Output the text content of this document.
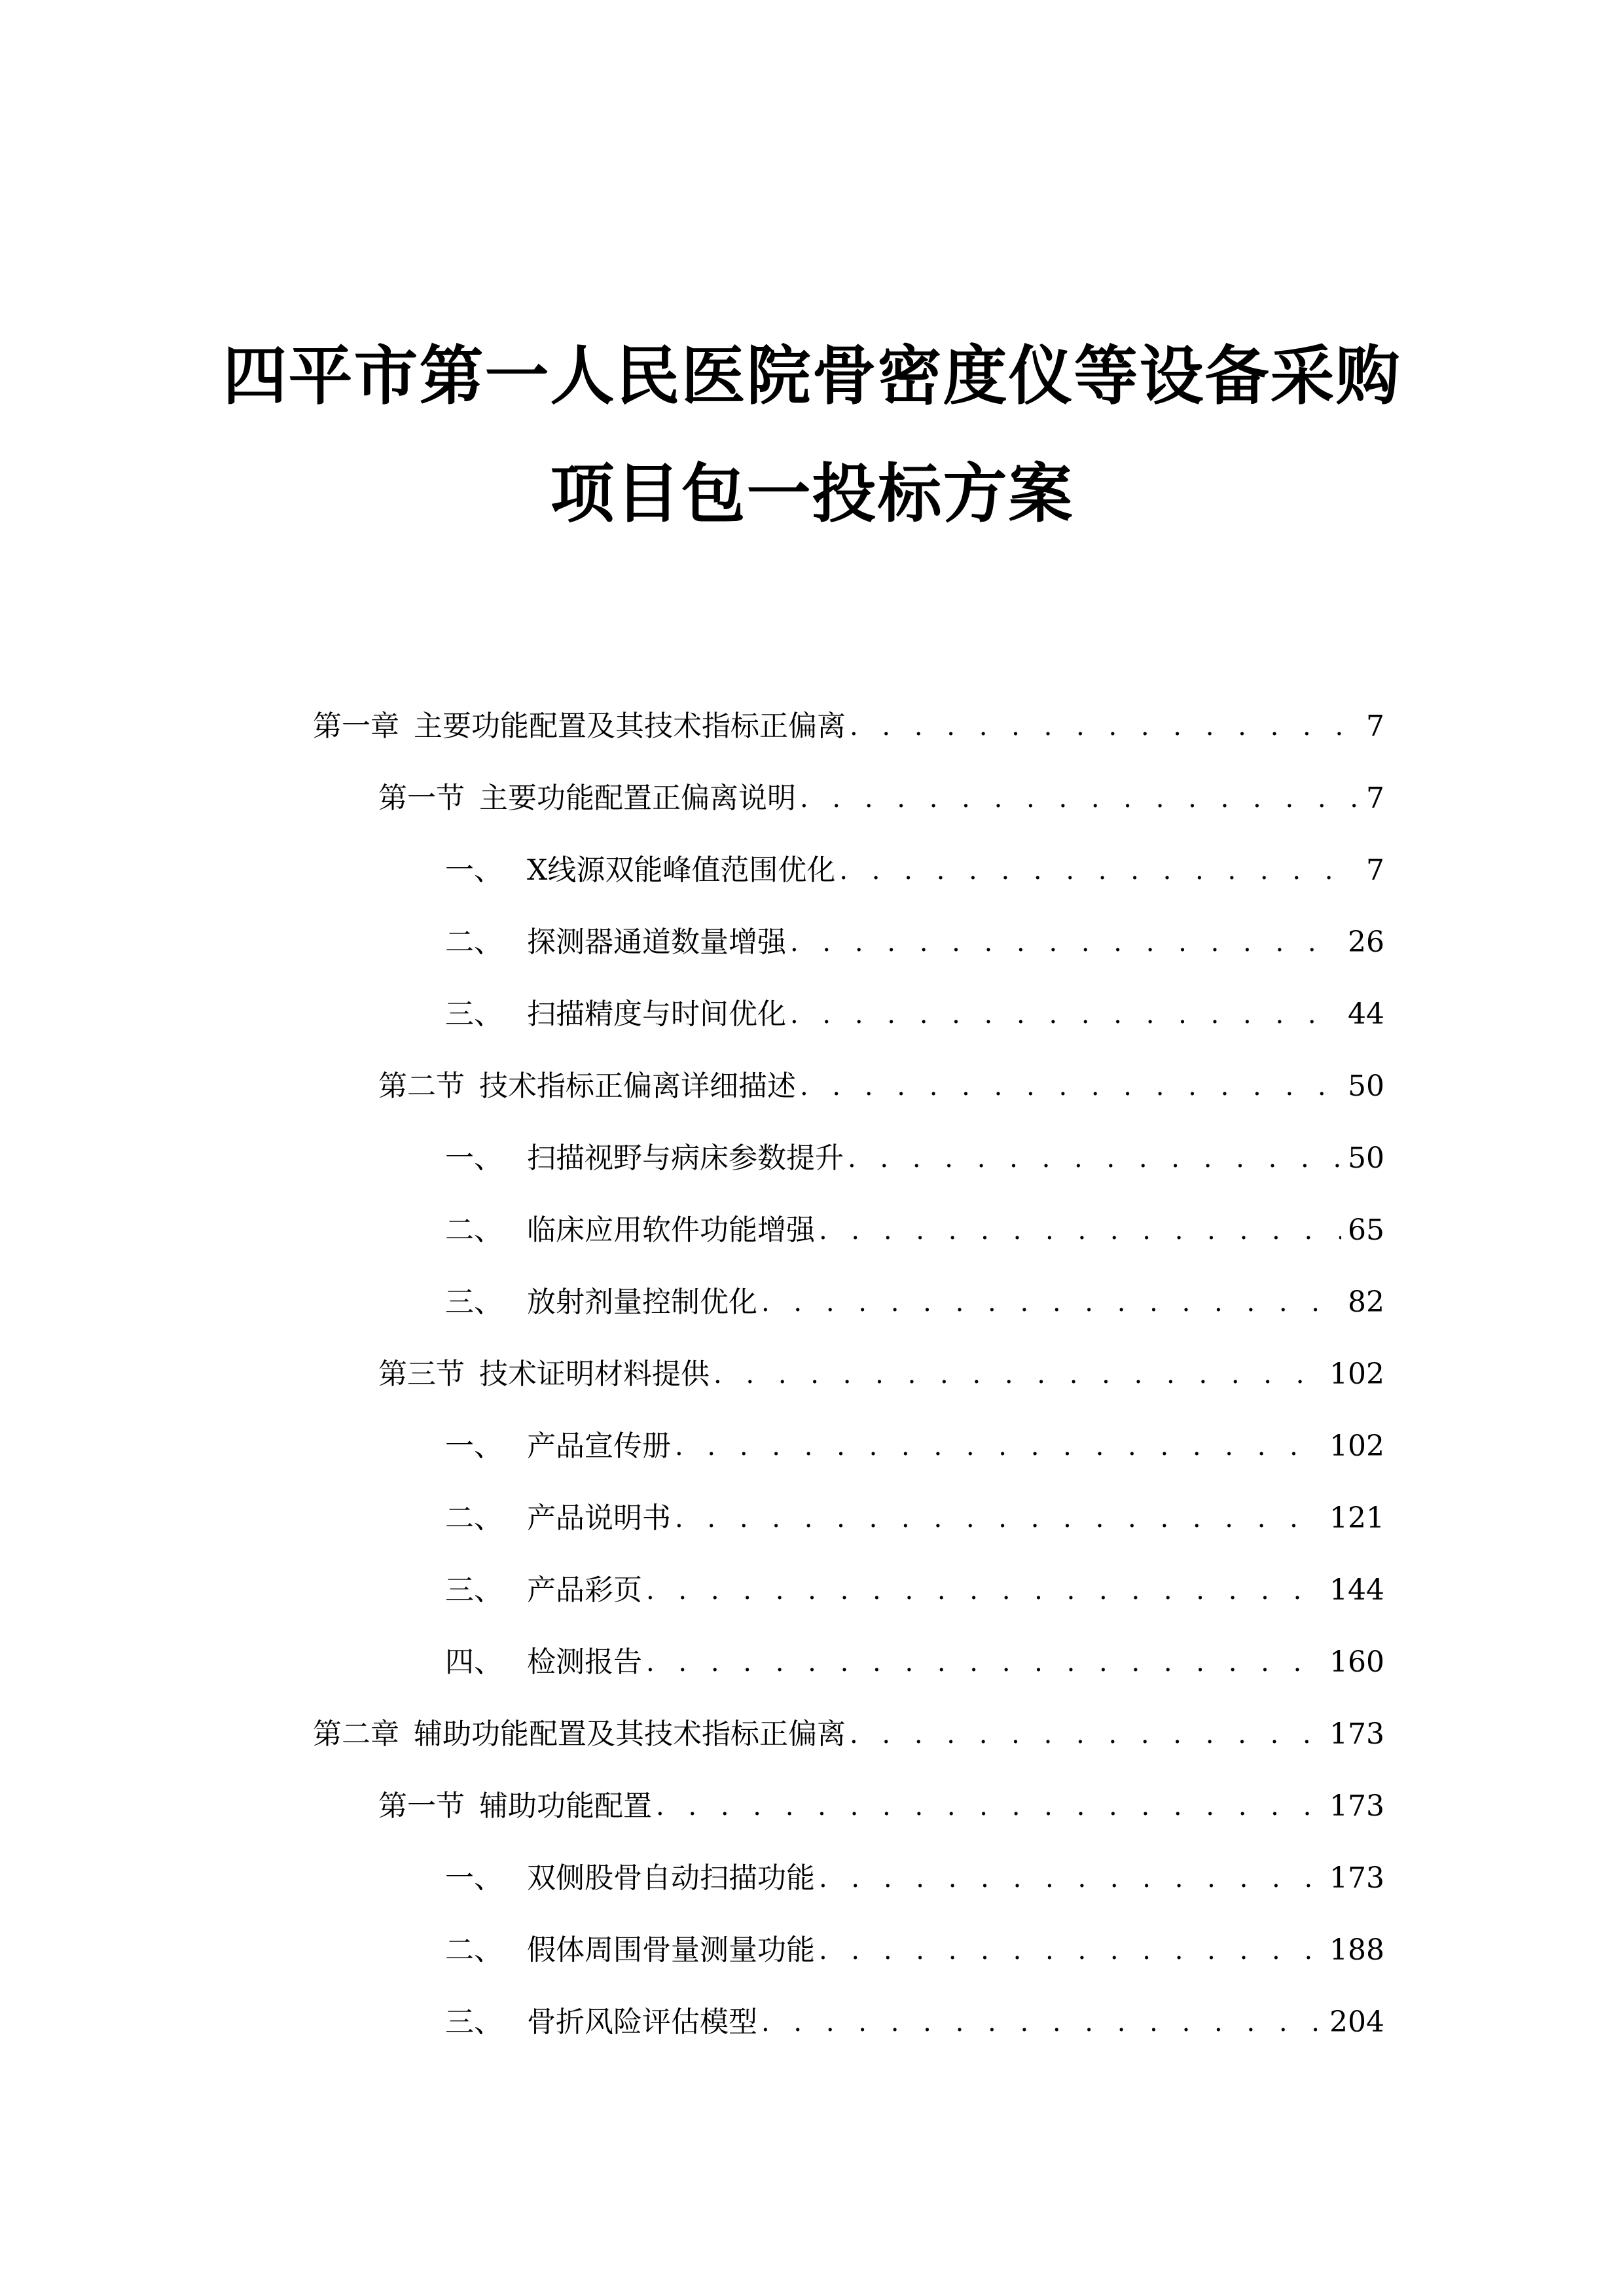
四平市第一人民医院骨密度仪等设备采购
项目包一投标方案
第一章 主要功能配置及其技术指标正偏离 . . .	7
第一节 主要功能配置正偏离说明 . . .	7
一、 X线源双能峰值范围优化 . . .	7
二、 探测器通道数量增强 . . .	26
三、 扫描精度与时间优化 . . .	44
第二节 技术指标正偏离详细描述 . . .	50
一、 扫描视野与病床参数提升 . . .	50
二、 临床应用软件功能增强 . . .	65
三、 放射剂量控制优化 . . .	82
第三节 技术证明材料提供 . . .	102
一、 产品宣传册 . . .	102
二、 产品说明书 . . .	121
三、 产品彩页 . . .	144
四、 检测报告 . . .	160
第二章 辅助功能配置及其技术指标正偏离 . . .	173
第一节 辅助功能配置 . . .	173
一、 双侧股骨自动扫描功能 . . .	173
二、 假体周围骨量测量功能 . . .	188
三、 骨折风险评估模型 . . .	204
